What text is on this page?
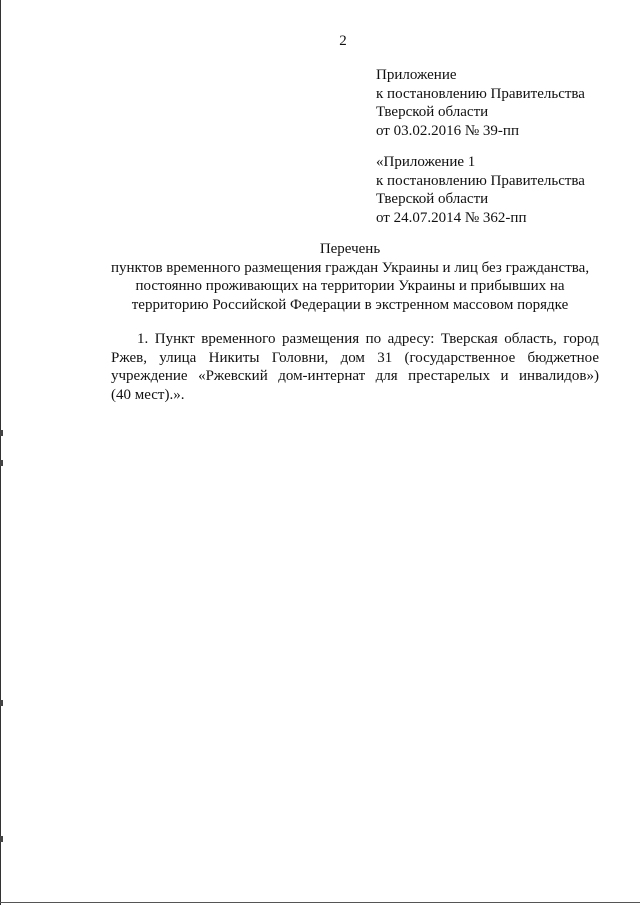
2
Приложение
к постановлению Правительства
Тверской области
от 03.02.2016 № 39-пп
«Приложение 1
к постановлению Правительства
Тверской области
от 24.07.2014 № 362-пп
Перечень
пунктов временного размещения граждан Украины и лиц без гражданства,
постоянно проживающих на территории Украины и прибывших на
территорию Российской Федерации в экстренном массовом порядке
1. Пункт временного размещения по адресу: Тверская область, город
Ржев, улица Никиты Головни, дом 31 (государственное бюджетное
учреждение «Ржевский дом-интернат для престарелых и инвалидов»)
(40 мест).».
